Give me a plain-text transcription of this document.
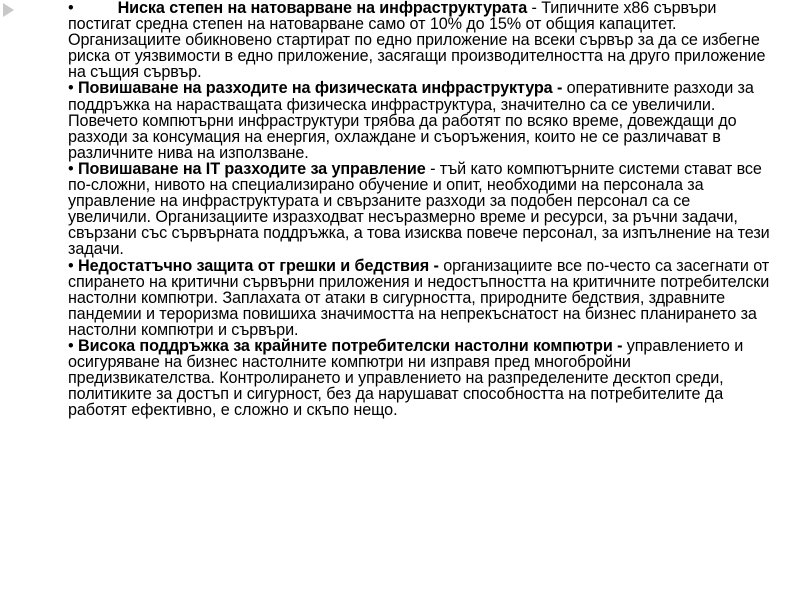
•	Ниска степен на натоварване на инфраструктурата - Типичните x86 сървъри постигат средна степен на натоварване само от 10% до 15% от общия капацитет. Организациите обикновено стартират по едно приложение на всеки сървър за да се избегне риска от уязвимости в едно приложение, засягащи производителността на друго приложение на същия сървър.

• Повишаване на разходите на физическата инфраструктура - оперативните разходи за поддръжка на нарастващата физическа инфраструктура, значително са се увеличили. Повечето компютърни инфраструктури трябва да работят по всяко време, довеждащи до разходи за консумация на енергия, охлаждане и съоръжения, които не се различават в различните нива на използване.

• Повишаване на IT разходите за управление - тъй като компютърните системи стават все по-сложни, нивото на специализирано обучение и опит, необходими на персонала за управление на инфраструктурата и свързаните разходи за подобен персонал са се увеличили. Организациите изразходват несъразмерно време и ресурси, за ръчни задачи, свързани със сървърната поддръжка, а това изисква повече персонал, за изпълнение на тези задачи.

• Недостатъчно защита от грешки и бедствия - организациите все по-често са засегнати от спирането на критични сървърни приложения и недостъпността на критичните потребителски настолни компютри. Заплахата от атаки в сигурността, природните бедствия, здравните пандемии и тероризма повишиха значимостта на непрекъснатост на бизнес планирането за настолни компютри и сървъри.

• Висока поддръжка за крайните потребителски настолни компютри - управлението и осигуряване на бизнес настолните компютри ни изправя пред многобройни предизвикателства. Контролирането и управлението на разпределените десктоп среди, политиките за достъп и сигурност, без да нарушават способността на потребителите да работят ефективно, е сложно и скъпо нещо.
